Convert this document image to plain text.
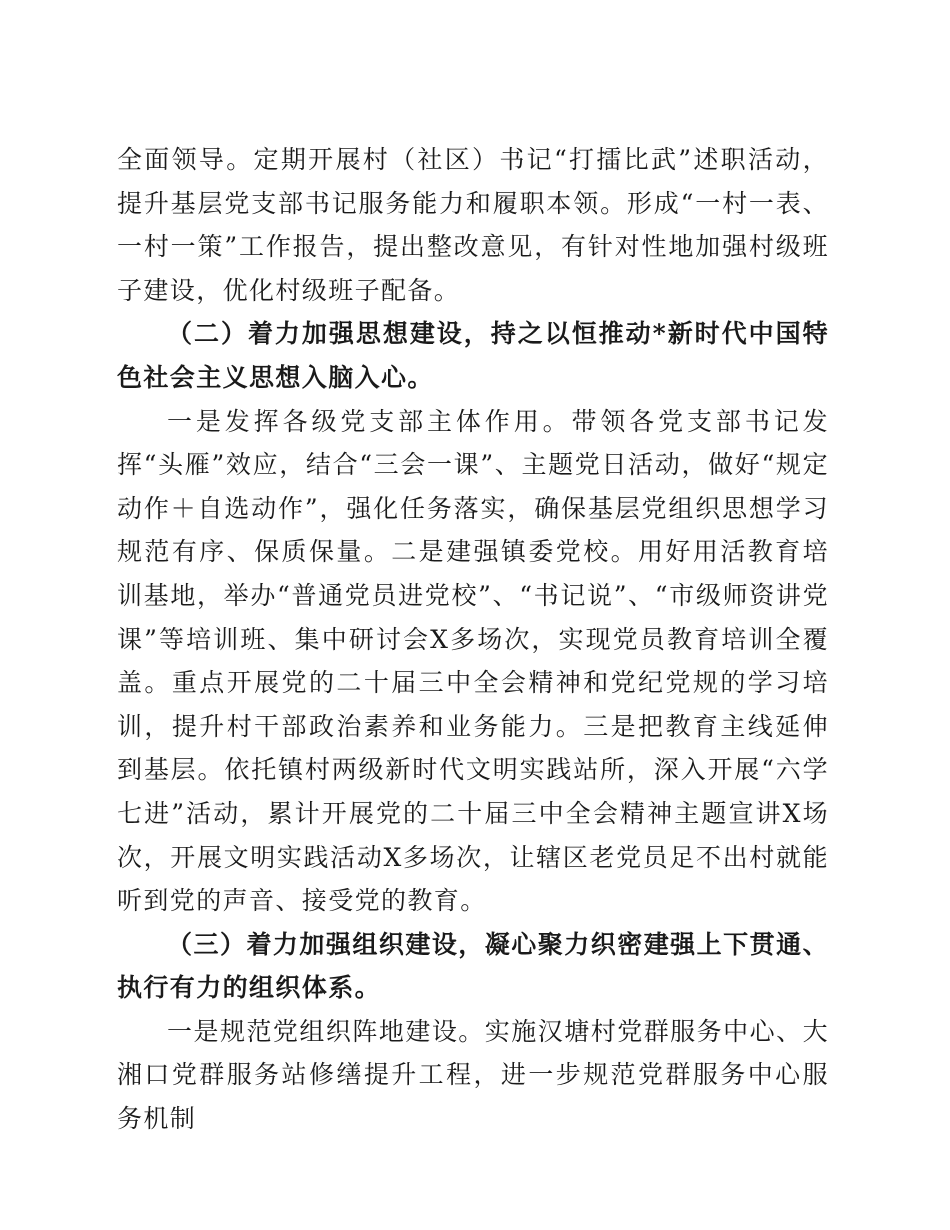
全面领导。定期开展村（社区）书记“打擂比武”述职活动，提升基层党支部书记服务能力和履职本领。形成“一村一表、一村一策”工作报告，提出整改意见，有针对性地加强村级班子建设，优化村级班子配备。

（二）着力加强思想建设，持之以恒推动*新时代中国特色社会主义思想入脑入心。

一是发挥各级党支部主体作用。带领各党支部书记发挥“头雁”效应，结合“三会一课”、主题党日活动，做好“规定动作＋自选动作”，强化任务落实，确保基层党组织思想学习规范有序、保质保量。二是建强镇委党校。用好用活教育培训基地，举办“普通党员进党校”、“书记说”、“市级师资讲党课”等培训班、集中研讨会X多场次，实现党员教育培训全覆盖。重点开展党的二十届三中全会精神和党纪党规的学习培训，提升村干部政治素养和业务能力。三是把教育主线延伸到基层。依托镇村两级新时代文明实践站所，深入开展“六学七进”活动，累计开展党的二十届三中全会精神主题宣讲X场次，开展文明实践活动X多场次，让辖区老党员足不出村就能听到党的声音、接受党的教育。

（三）着力加强组织建设，凝心聚力织密建强上下贯通、执行有力的组织体系。

一是规范党组织阵地建设。实施汉塘村党群服务中心、大湘口党群服务站修缮提升工程，进一步规范党群服务中心服务机制
